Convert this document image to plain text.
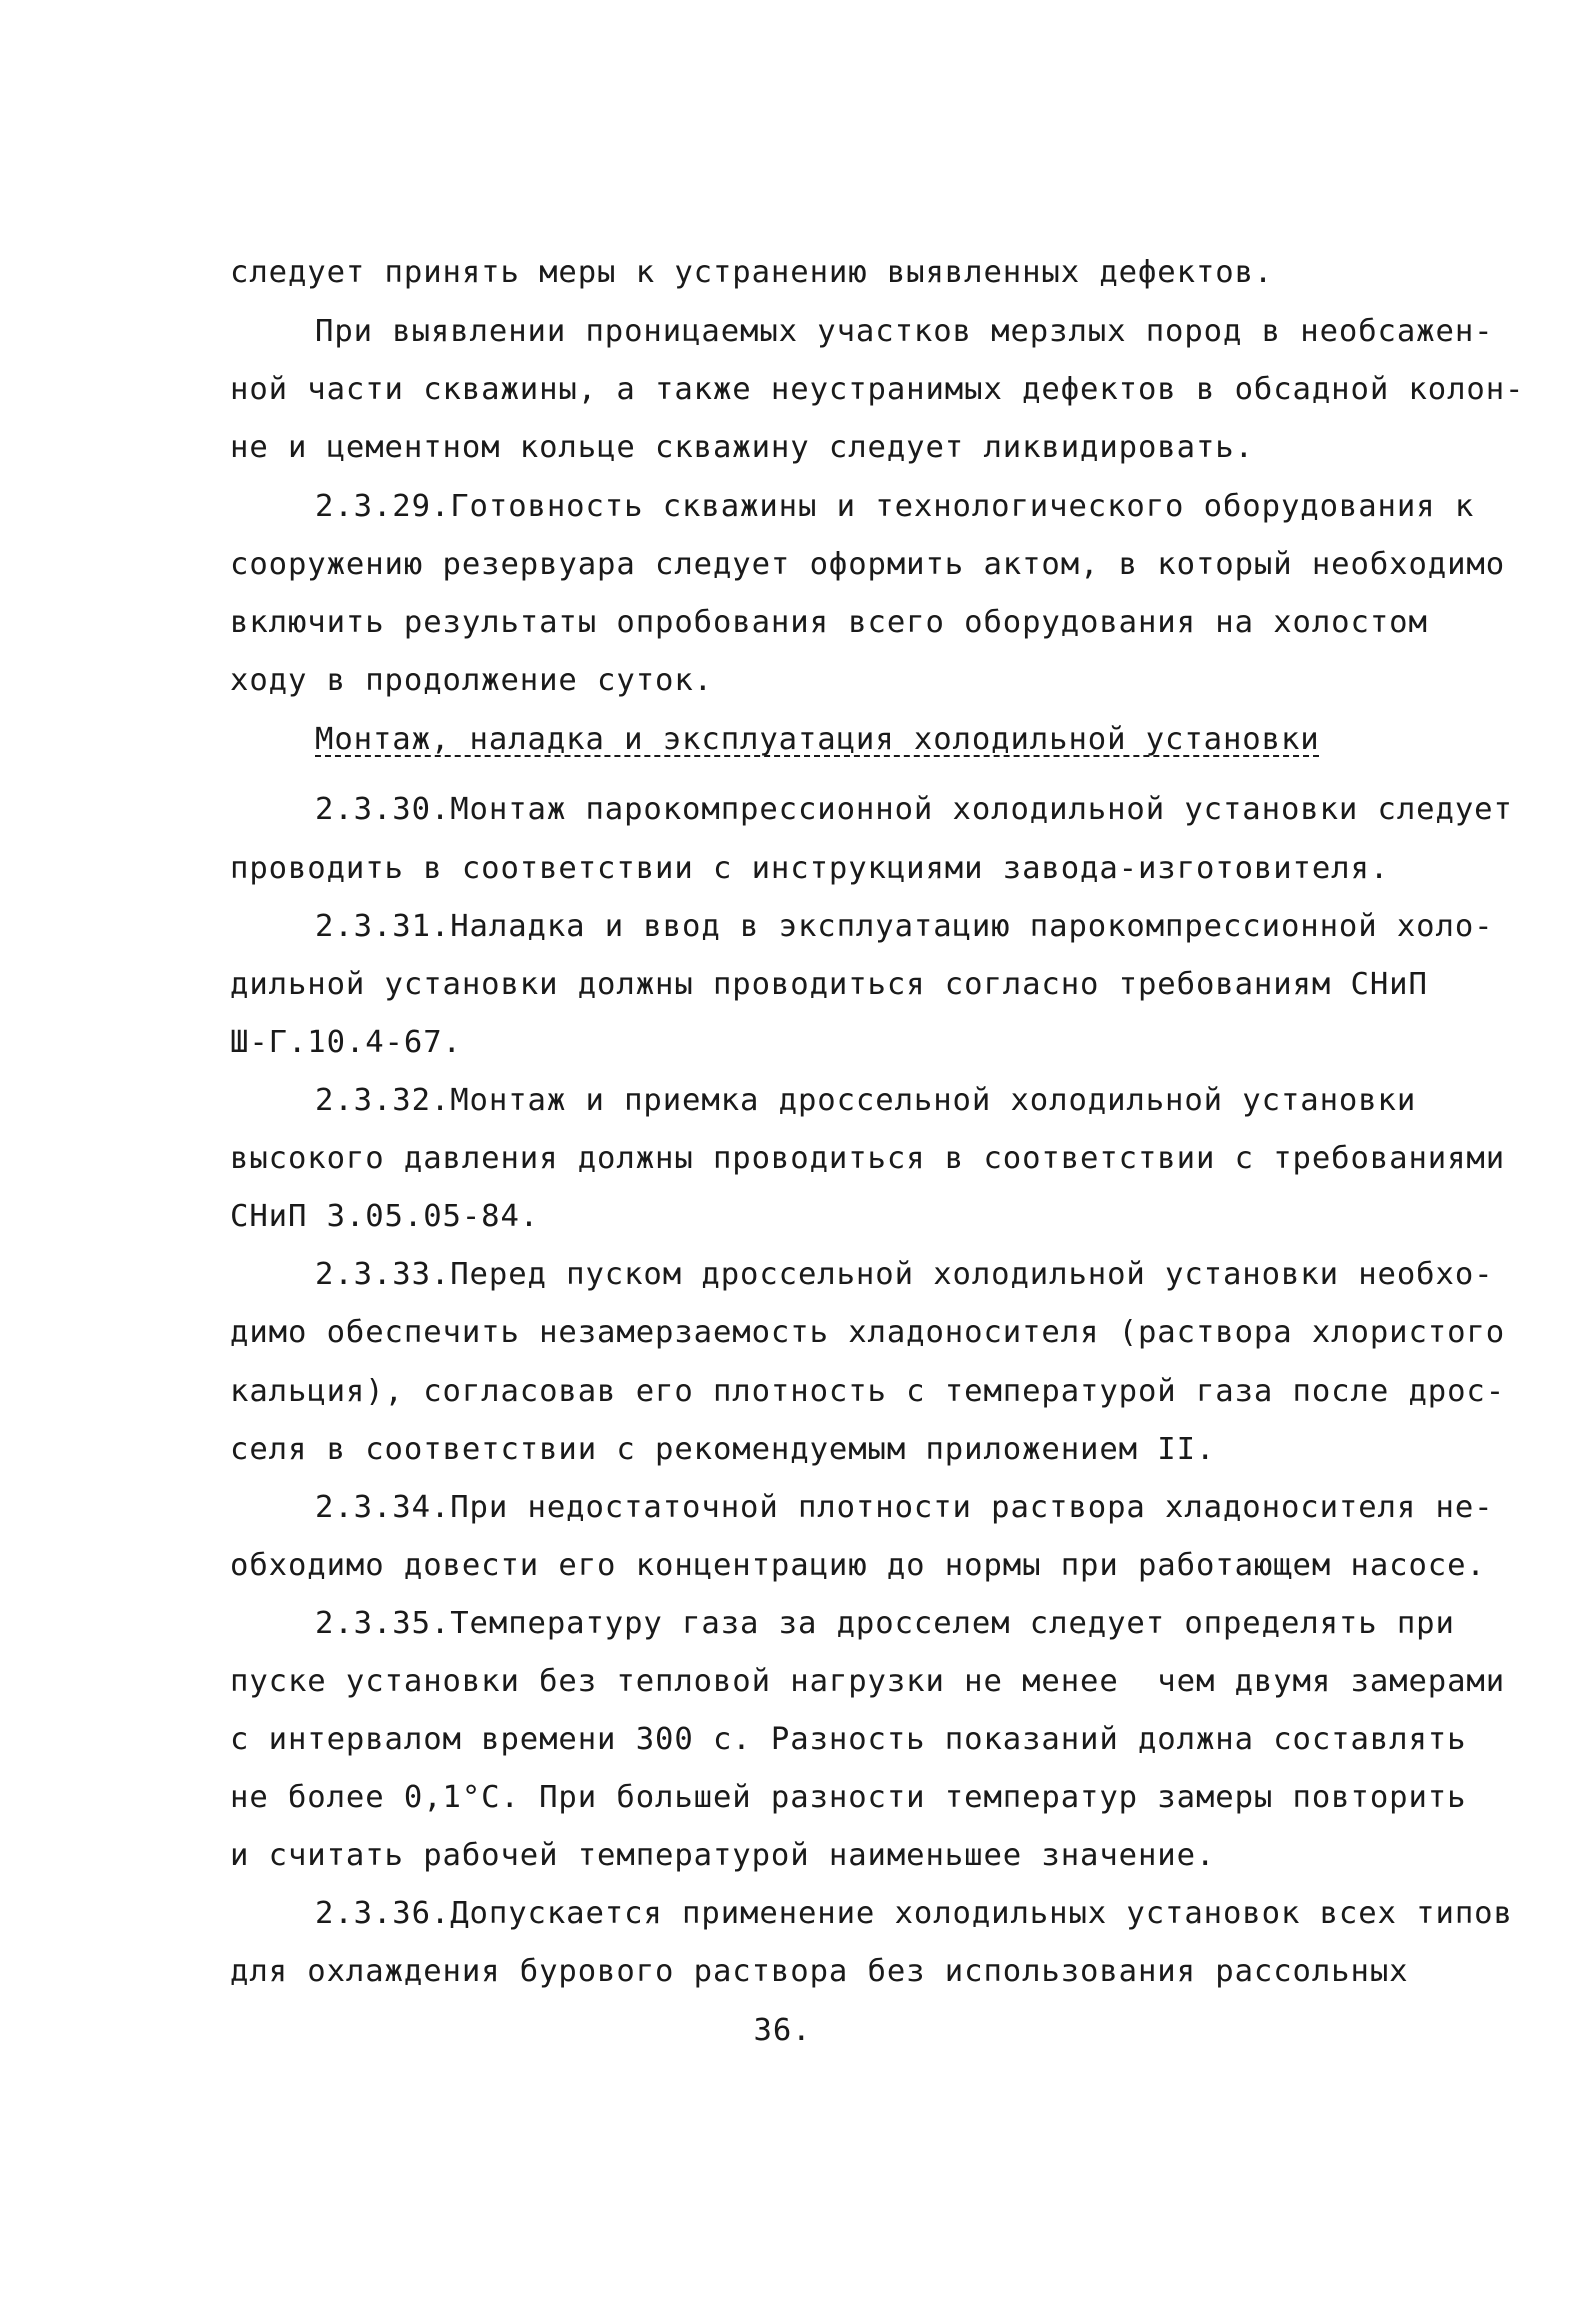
следует принять меры к устранению выявленных дефектов.
При выявлении проницаемых участков мерзлых пород в необсажен-
ной части скважины, а также неустранимых дефектов в обсадной колон-
не и цементном кольце скважину следует ликвидировать.
2.3.29.Готовность скважины и технологического оборудования к
сооружению резервуара следует оформить актом, в который необходимо
включить результаты опробования всего оборудования на холостом
ходу в продолжение суток.
Монтаж, наладка и эксплуатация холодильной установки
2.3.30.Монтаж парокомпрессионной холодильной установки следует
проводить в соответствии с инструкциями завода-изготовителя.
2.3.31.Наладка и ввод в эксплуатацию парокомпрессионной холо-
дильной установки должны проводиться согласно требованиям СНиП
Ш-Г.10.4-67.
2.3.32.Монтаж и приемка дроссельной холодильной установки
высокого давления должны проводиться в соответствии с требованиями
СНиП 3.05.05-84.
2.3.33.Перед пуском дроссельной холодильной установки необхо-
димо обеспечить незамерзаемость хладоносителя (раствора хлористого
кальция), согласовав его плотность с температурой газа после дрос-
селя в соответствии с рекомендуемым приложением II.
2.3.34.При недостаточной плотности раствора хладоносителя не-
обходимо довести его концентрацию до нормы при работающем насосе.
2.3.35.Температуру газа за дросселем следует определять при
пуске установки без тепловой нагрузки не менее  чем двумя замерами
с интервалом времени 300 с. Разность показаний должна составлять
не более 0,1°С. При большей разности температур замеры повторить
и считать рабочей температурой наименьшее значение.
2.3.36.Допускается применение холодильных установок всех типов
для охлаждения бурового раствора без использования рассольных
36.
